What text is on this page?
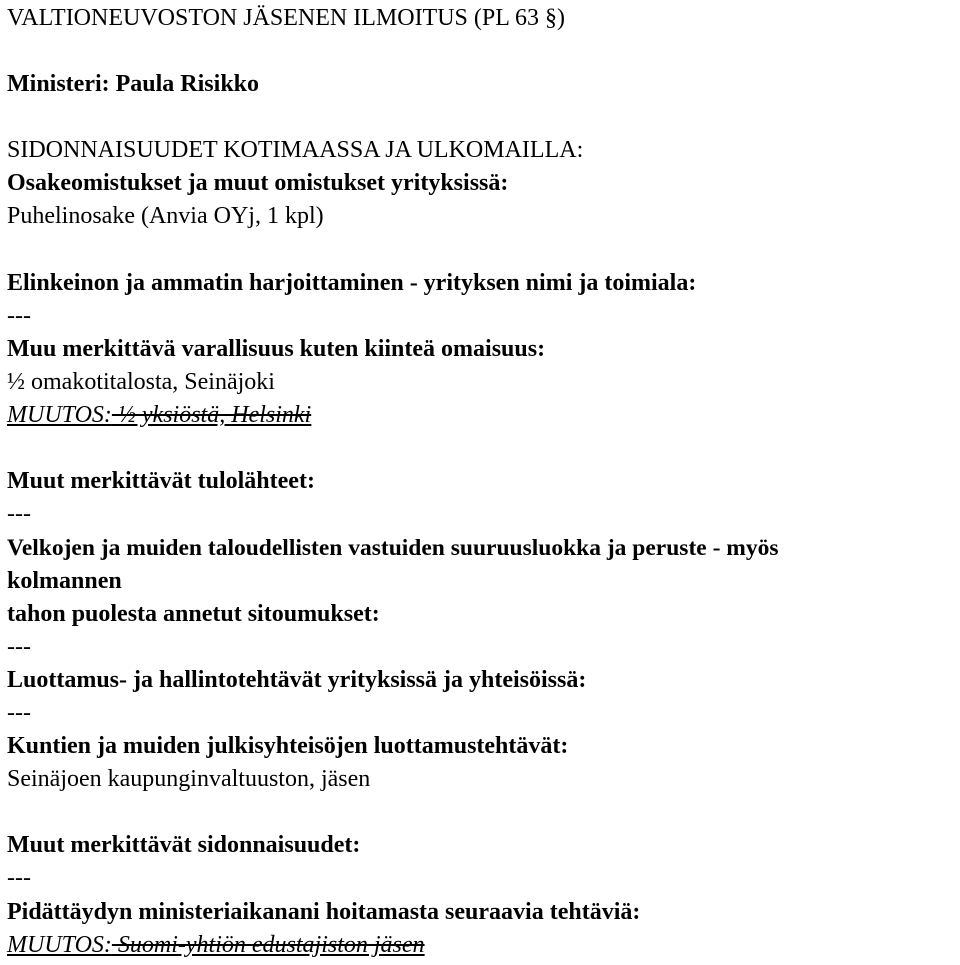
VALTIONEUVOSTON JÄSENEN ILMOITUS (PL 63 §)
Ministeri: Paula Risikko
SIDONNAISUUDET KOTIMAASSA JA ULKOMAILLA:
Osakeomistukset ja muut omistukset yrityksissä:
Puhelinosake (Anvia OYj, 1 kpl)
Elinkeinon ja ammatin harjoittaminen - yrityksen nimi ja toimiala:
---
Muu merkittävä varallisuus kuten kiinteä omaisuus:
½ omakotitalosta, Seinäjoki
MUUTOS: ½ yksiöstä, Helsinki
Muut merkittävät tulolähteet:
---
Velkojen ja muiden taloudellisten vastuiden suuruusluokka ja peruste - myös
kolmannen
tahon puolesta annetut sitoumukset:
---
Luottamus- ja hallintotehtävät yrityksissä ja yhteisöissä:
---
Kuntien ja muiden julkisyhteisöjen luottamustehtävät:
Seinäjoen kaupunginvaltuuston, jäsen
Muut merkittävät sidonnaisuudet:
---
Pidättäydyn ministeriaikanani hoitamasta seuraavia tehtäviä:
MUUTOS: Suomi-yhtiön edustajiston jäsen
